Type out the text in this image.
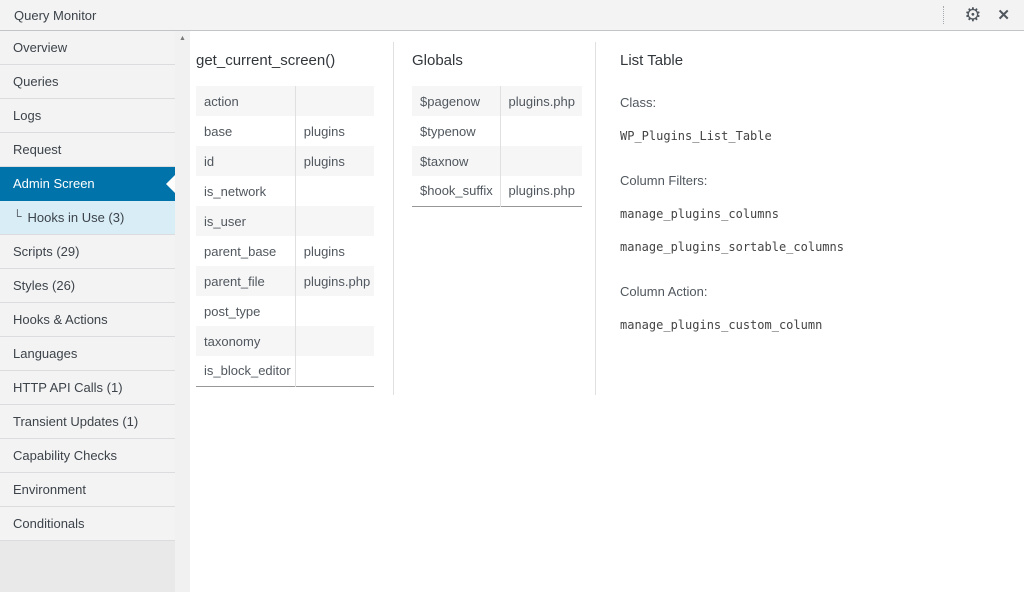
Query Monitor	⚙ ✕
Overview
Queries
Logs
Request
Admin Screen
└ Hooks in Use (3)
Scripts (29)
Styles (26)
Hooks & Actions
Languages
HTTP API Calls (1)
Transient Updates (1)
Capability Checks
Environment
Conditionals
▲
get_current_screen()
action	
base	plugins
id	plugins
is_network	
is_user	
parent_base	plugins
parent_file	plugins.php
post_type	
taxonomy	
is_block_editor	
Globals
$pagenow	plugins.php
$typenow	
$taxnow	
$hook_suffix	plugins.php
List Table

Class:

WP_Plugins_List_Table

Column Filters:

manage_plugins_columns

manage_plugins_sortable_columns

Column Action:

manage_plugins_custom_column
